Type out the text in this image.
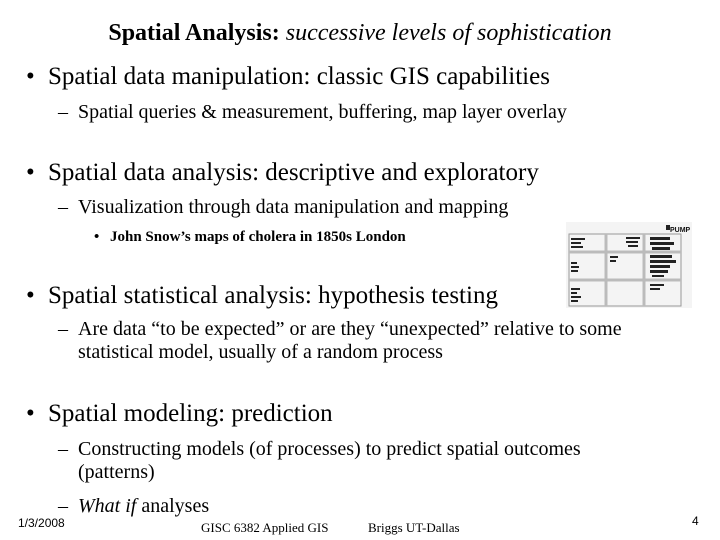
Spatial Analysis: successive levels of sophistication
• Spatial data manipulation: classic GIS capabilities
– Spatial queries & measurement, buffering, map layer overlay
• Spatial data analysis: descriptive and exploratory
– Visualization through data manipulation and mapping
• John Snow’s maps of cholera in 1850s London	PUMP
• Spatial statistical analysis: hypothesis testing
– Are data “to be expected” or are they “unexpected” relative to some statistical model, usually of a random process
• Spatial modeling: prediction
– Constructing models (of processes) to predict spatial outcomes (patterns)
– What if analyses
1/3/2008	GISC 6382 Applied GIS	Briggs UT-Dallas	4
